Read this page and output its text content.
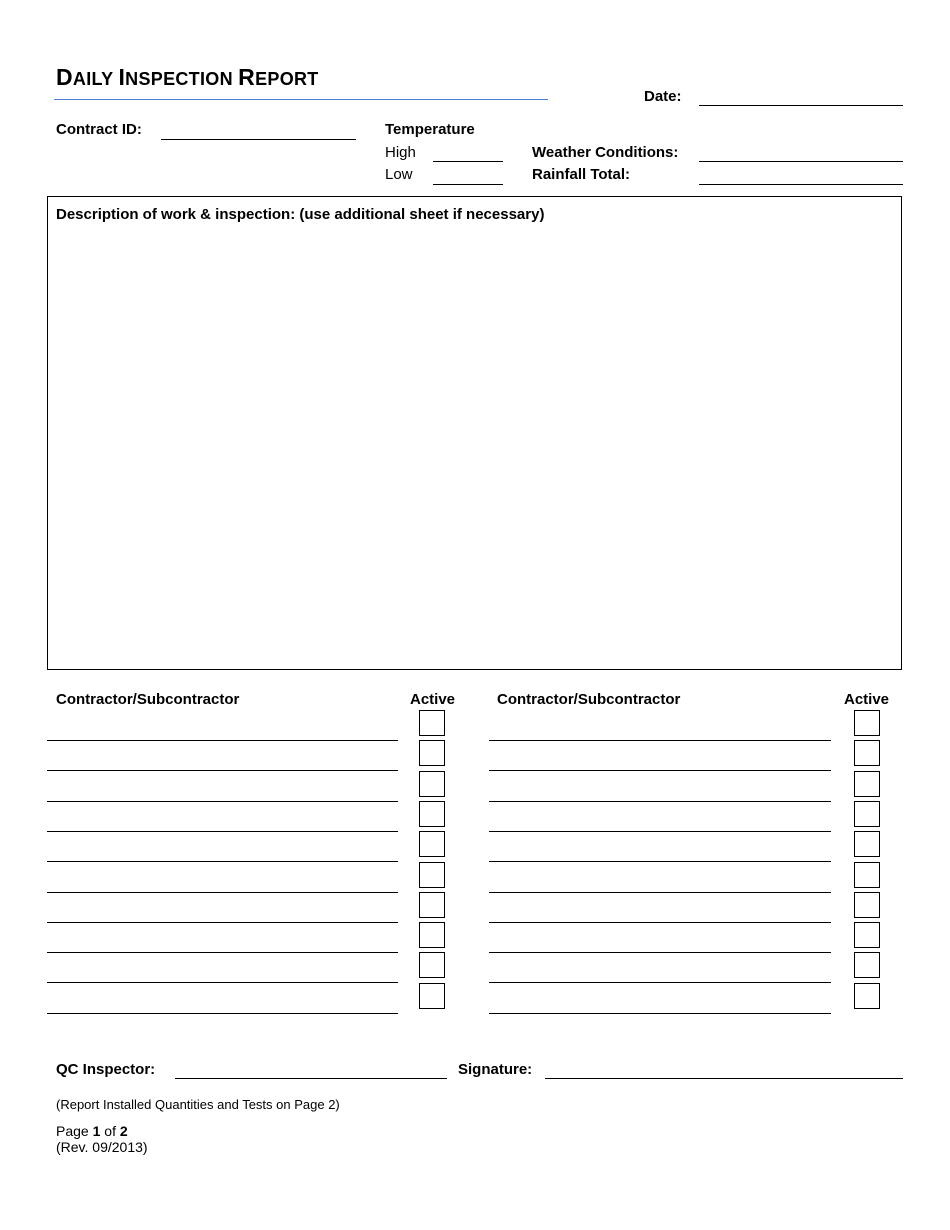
DAILY INSPECTION REPORT
Date:
Contract ID:	Temperature
High
Low
Weather Conditions:
Rainfall Total:
Description of work & inspection: (use additional sheet if necessary)
Contractor/Subcontractor	Active	Contractor/Subcontractor	Active
QC Inspector:	Signature:
(Report Installed Quantities and Tests on Page 2)
Page 1 of 2
(Rev. 09/2013)
